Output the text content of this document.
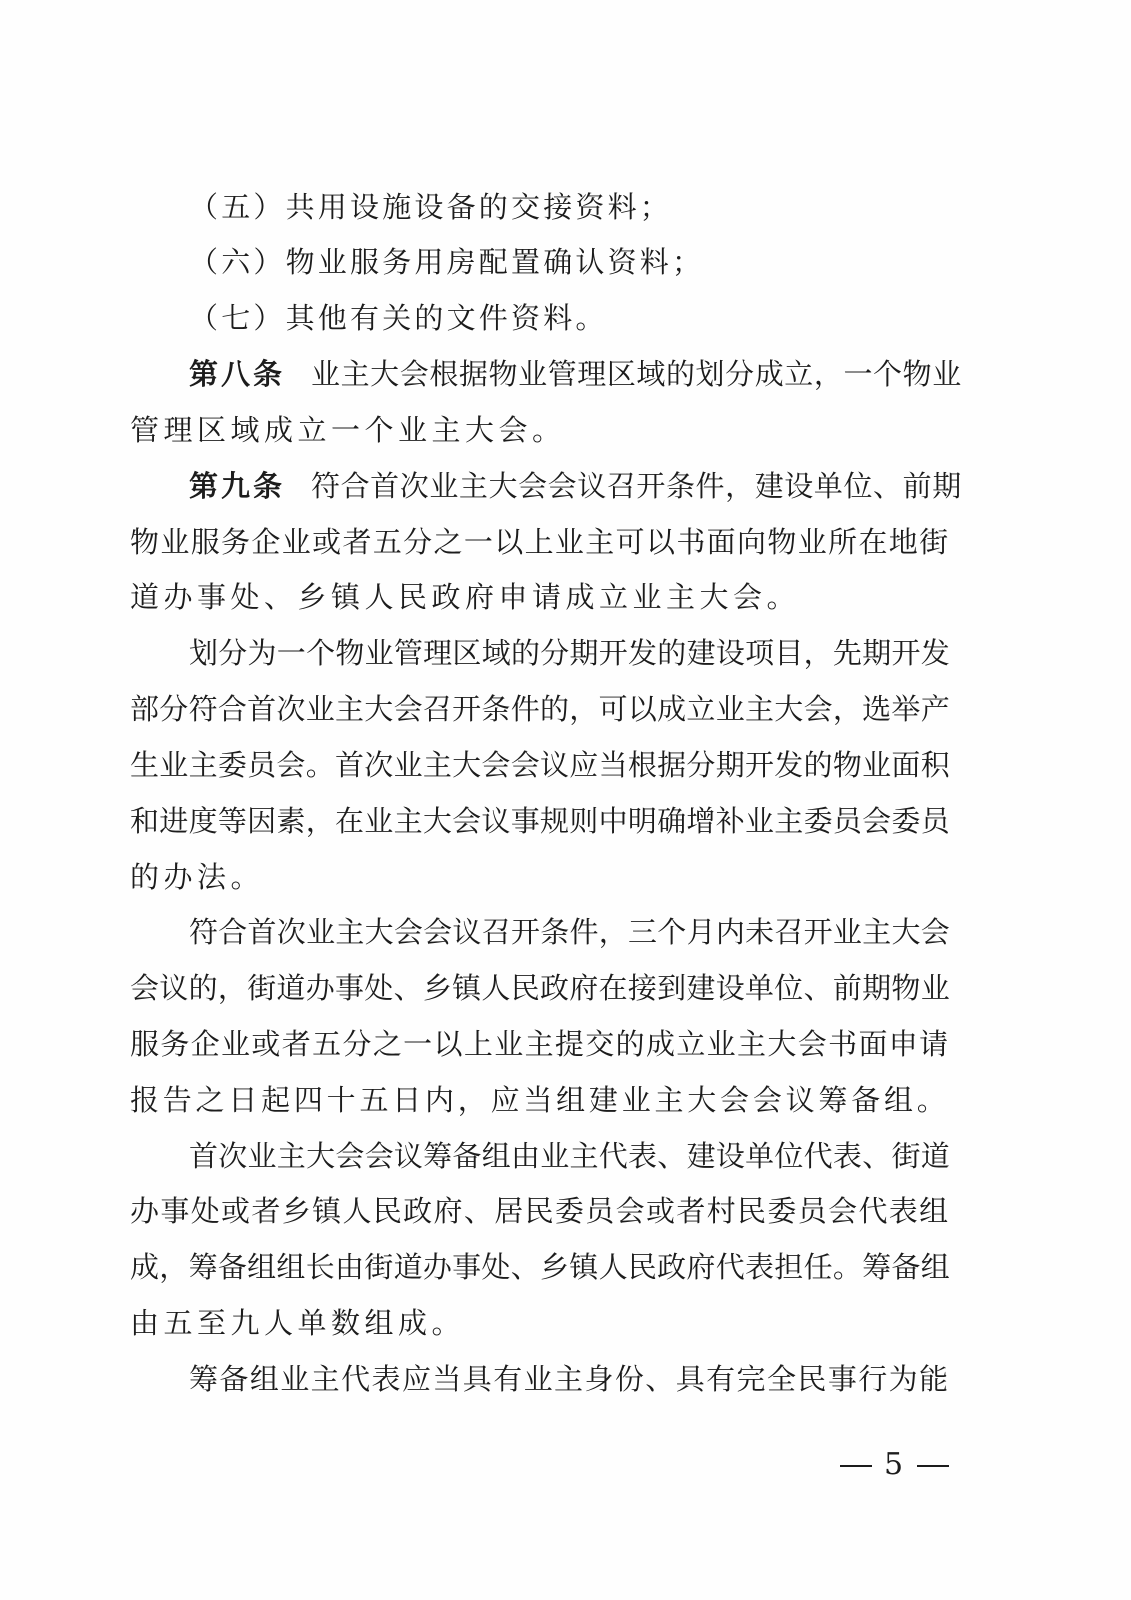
（五）共用设施设备的交接资料；
（六）物业服务用房配置确认资料；
（七）其他有关的文件资料。
第八条 业主大会根据物业管理区域的划分成立，一个物业
管理区域成立一个业主大会。
第九条 符合首次业主大会会议召开条件，建设单位、前期
物业服务企业或者五分之一以上业主可以书面向物业所在地街
道办事处、乡镇人民政府申请成立业主大会。
划分为一个物业管理区域的分期开发的建设项目，先期开发
部分符合首次业主大会召开条件的，可以成立业主大会，选举产
生业主委员会。首次业主大会会议应当根据分期开发的物业面积
和进度等因素，在业主大会议事规则中明确增补业主委员会委员
的办法。
符合首次业主大会会议召开条件，三个月内未召开业主大会
会议的，街道办事处、乡镇人民政府在接到建设单位、前期物业
服务企业或者五分之一以上业主提交的成立业主大会书面申请
报告之日起四十五日内，应当组建业主大会会议筹备组。
首次业主大会会议筹备组由业主代表、建设单位代表、街道
办事处或者乡镇人民政府、居民委员会或者村民委员会代表组
成，筹备组组长由街道办事处、乡镇人民政府代表担任。筹备组
由五至九人单数组成。
筹备组业主代表应当具有业主身份、具有完全民事行为能
5
